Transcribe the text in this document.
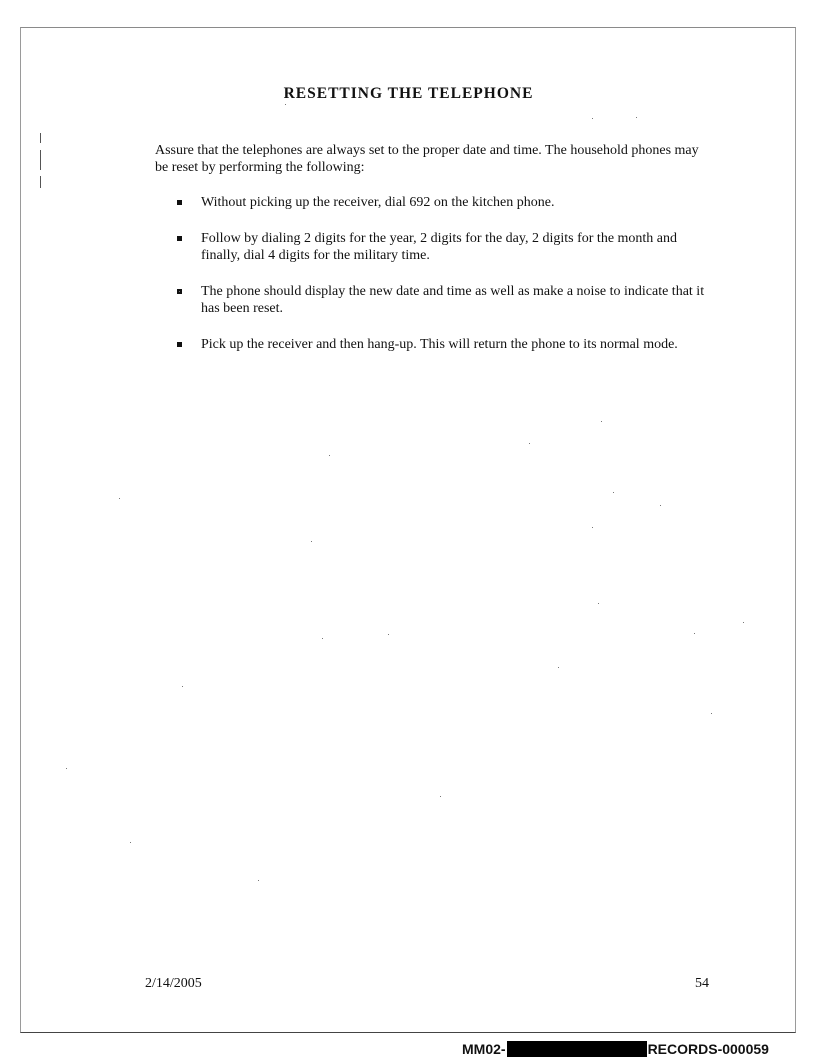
RESETTING THE TELEPHONE
Assure that the telephones are always set to the proper date and time. The household phones may be reset by performing the following:
Without picking up the receiver, dial 692 on the kitchen phone.
Follow by dialing 2 digits for the year, 2 digits for the day, 2 digits for the month and finally, dial 4 digits for the military time.
The phone should display the new date and time as well as make a noise to indicate that it has been reset.
Pick up the receiver and then hang-up. This will return the phone to its normal mode.
2/14/2005	54
MM02-	RECORDS-000059
